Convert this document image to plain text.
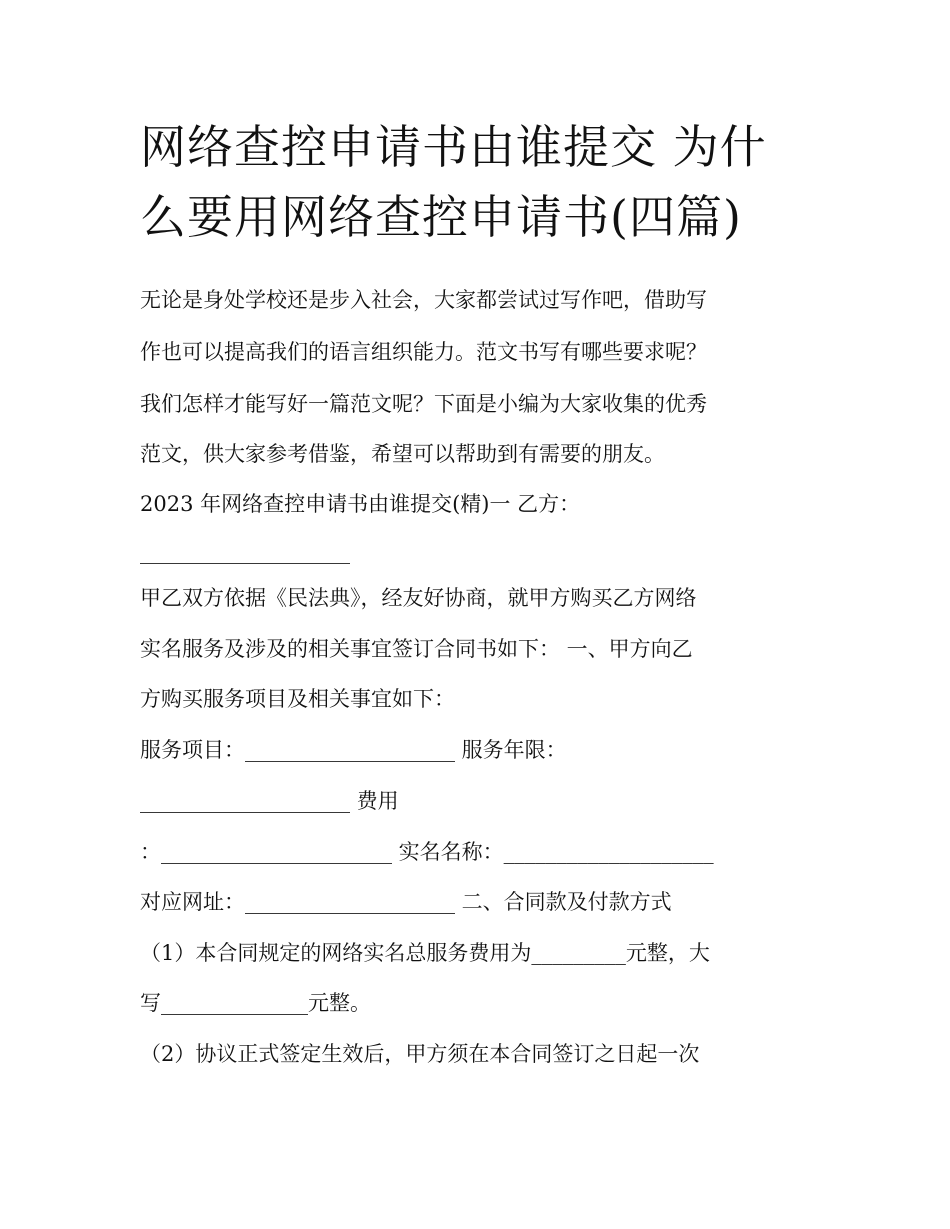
网络查控申请书由谁提交 为什
么要用网络查控申请书(四篇)

无论是身处学校还是步入社会，大家都尝试过写作吧，借助写

作也可以提高我们的语言组织能力。范文书写有哪些要求呢？

我们怎样才能写好一篇范文呢？下面是小编为大家收集的优秀

范文，供大家参考借鉴，希望可以帮助到有需要的朋友。

2023 年网络查控申请书由谁提交(精)一 乙方：

____________________

甲乙双方依据《民法典》，经友好协商，就甲方购买乙方网络

实名服务及涉及的相关事宜签订合同书如下： 一、甲方向乙

方购买服务项目及相关事宜如下：

服务项目：____________________ 服务年限：

____________________ 费用

：______________________ 实名名称：____________________

对应网址：____________________ 二、合同款及付款方式

（1）本合同规定的网络实名总服务费用为_________元整，大

写______________元整。

（2）协议正式签定生效后，甲方须在本合同签订之日起一次
